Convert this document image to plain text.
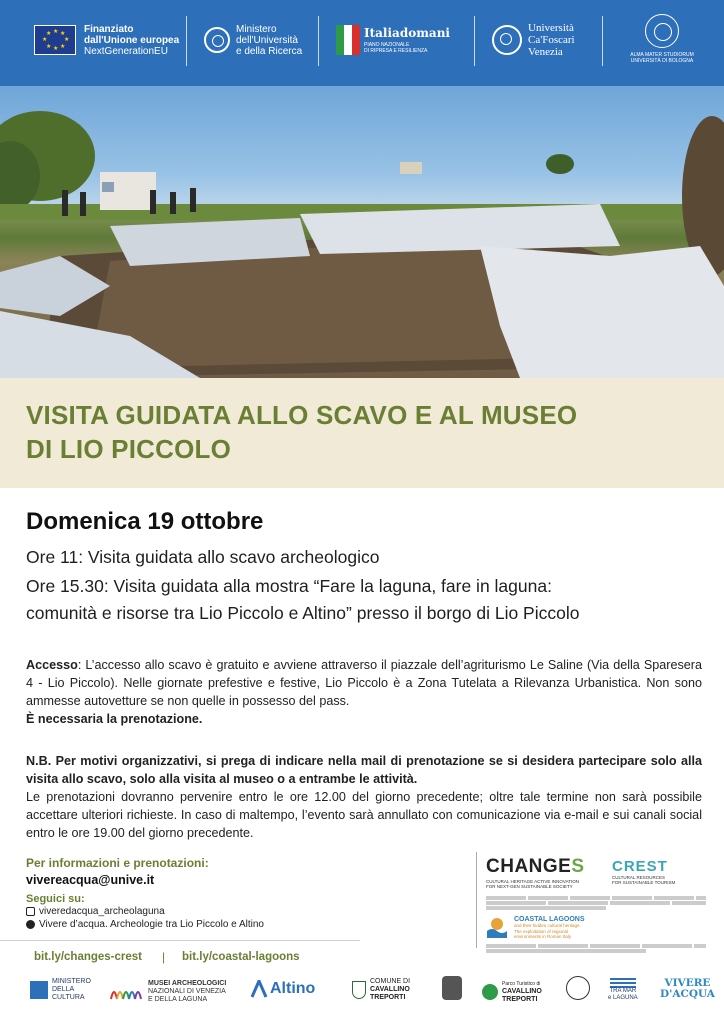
★ ★
★
★
★
★
★
★	Finanziato
dall'Unione europea
NextGenerationEU
Ministero
dell'Università
e della Ricerca
Italiadomani
PIANO NAZIONALE
DI RIPRESA E RESILIENZA
Università
Ca'Foscari
Venezia	ALMA MATER STUDIORUM
UNIVERSITÀ DI BOLOGNA
VISITA GUIDATA ALLO SCAVO E AL MUSEO
DI LIO PICCOLO
Domenica 19 ottobre
Ore 11: Visita guidata allo scavo archeologico
Ore 15.30: Visita guidata alla mostra “Fare la laguna, fare in laguna:
comunità e risorse tra Lio Piccolo e Altino” presso il borgo di Lio Piccolo
Accesso: L’accesso allo scavo è gratuito e avviene attraverso il piazzale dell’agriturismo Le Saline (Via della Sparesera 4 - Lio Piccolo). Nelle giornate prefestive e festive, Lio Piccolo è a Zona Tutelata a Rilevanza Urbanistica. Non sono ammesse autovetture se non quelle in possesso del pass.
È necessaria la prenotazione.
N.B. Per motivi organizzativi, si prega di indicare nella mail di prenotazione se si desidera partecipare solo alla visita allo scavo, solo alla visita al museo o a entrambe le attività.
Le prenotazioni dovranno pervenire entro le ore 12.00 del giorno precedente; oltre tale termine non sarà possibile accettare ulteriori richieste. In caso di maltempo, l’evento sarà annullato con comunicazione via e-mail e sui canali social entro le ore 19.00 del giorno precedente.
Per informazioni e prenotazioni:
vivereacqua@unive.it
Seguici su:
viveredacqua_archeolaguna
Vivere d’acqua. Archeologie tra Lio Piccolo e Altino
bit.ly/changes-crest | bit.ly/coastal-lagoons
CHANGES
CULTURAL HERITAGE ACTIVE INNOVATION
FOR NEXT-GEN SUSTAINABLE SOCIETY
CREST
CULTURAL RESOURCES
FOR SUSTAINABLE TOURISM
COASTAL LAGOONS
and their hidden cultural heritage.
The exploitation of regional
environments in Roman Italy
MINISTERO
DELLA
CULTURA
MUSEI ARCHEOLOGICI
NAZIONALI DI VENEZIA
E DELLA LAGUNA
Altino	COMUNE DI
CAVALLINO
TREPORTI
Parco Turistico di
CAVALLINO
TREPORTI
TRA MAR
e LAGUNA
VIVERE
D'ACQUA
